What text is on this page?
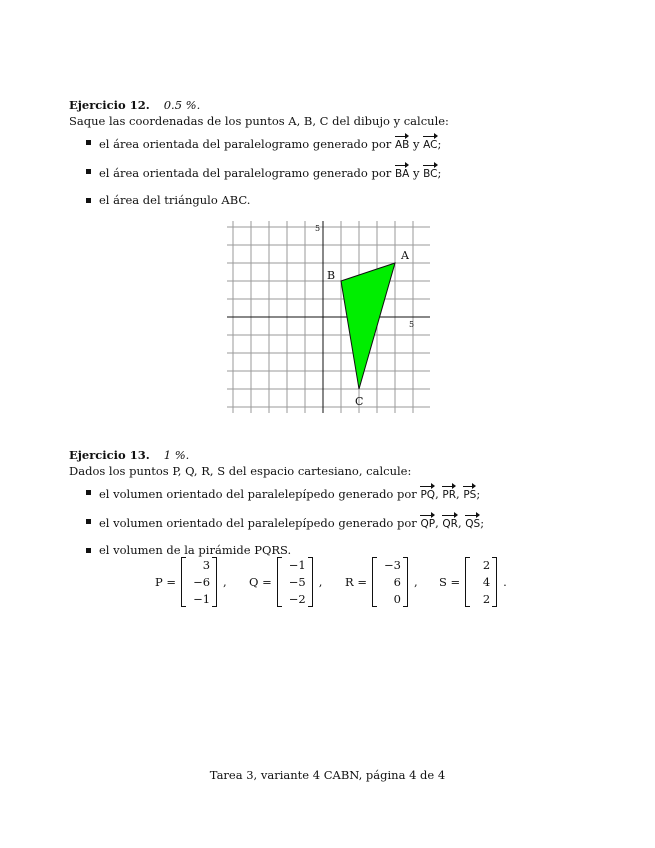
Ejercicio 12. 0.5 %.
Saque las coordenadas de los puntos A, B, C del dibujo y calcule:
el área orientada del paralelogramo generado por AB y AC;
el área orientada del paralelogramo generado por BA y BC;
el área del triángulo ABC.
5
5
A
B
C
Ejercicio 13. 1 %.
Dados los puntos P, Q, R, S del espacio cartesiano, calcule:
el volumen orientado del paralelepípedo generado por PQ, PR, PS;
el volumen orientado del paralelepípedo generado por QP, QR, QS;
el volumen de la pirámide PQRS.
P =
3
−6
−1
, Q =
−1
−5
−2
, R =
−3
6
0
, S =
2
4
2
.
Tarea 3, variante 4 CABN, página 4 de 4
